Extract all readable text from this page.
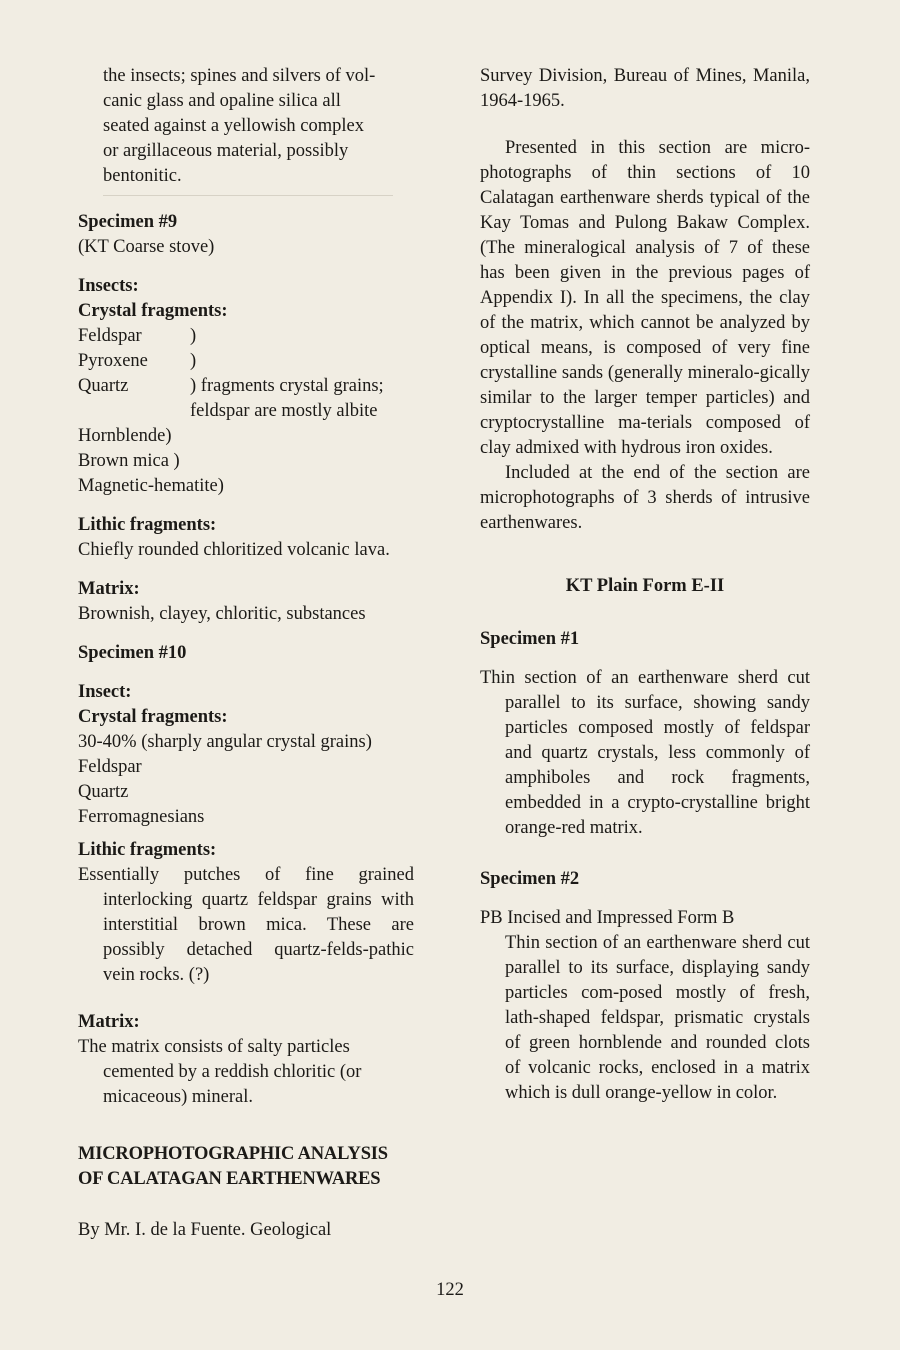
the insects; spines and silvers of vol-
canic glass and opaline silica all
seated against a yellowish complex
or argillaceous material, possibly
bentonitic.
Specimen #9
(KT Coarse stove)
Insects:
Crystal fragments:
Feldspar	)
Pyroxene	)
Quartz	) fragments crystal grains;
feldspar are mostly albite
Hornblende)
Brown mica )
Magnetic-hematite)
Lithic fragments:
Chiefly rounded chloritized volcanic lava.
Matrix:
Brownish, clayey, chloritic, substances
Specimen #10
Insect:
Crystal fragments:
30-40% (sharply angular crystal grains)
Feldspar
Quartz
Ferromagnesians
Lithic fragments:
Essentially putches of fine grained interlocking quartz feldspar grains with interstitial brown mica. These are possibly detached quartz-felds-pathic vein rocks. (?)
Matrix:
The matrix consists of salty particles cemented by a reddish chloritic (or micaceous) mineral.
MICROPHOTOGRAPHIC ANALYSIS
OF CALATAGAN EARTHENWARES
By Mr. I. de la Fuente. Geological
Survey Division, Bureau of Mines, Manila, 1964-1965.
Presented in this section are micro-photographs of thin sections of 10 Calatagan earthenware sherds typical of the Kay Tomas and Pulong Bakaw Complex. (The mineralogical analysis of 7 of these has been given in the previous pages of Appendix I). In all the specimens, the clay of the matrix, which cannot be analyzed by optical means, is composed of very fine crystalline sands (generally mineralo-gically similar to the larger temper particles) and cryptocrystalline ma-terials composed of clay admixed with hydrous iron oxides.
Included at the end of the section are microphotographs of 3 sherds of intrusive earthenwares.
KT Plain Form E-II
Specimen #1
Thin section of an earthenware sherd cut parallel to its surface, showing sandy particles composed mostly of feldspar and quartz crystals, less commonly of amphiboles and rock fragments, embedded in a crypto-crystalline bright orange-red matrix.
Specimen #2
PB Incised and Impressed Form B
Thin section of an earthenware sherd cut parallel to its surface, displaying sandy particles com-posed mostly of fresh, lath-shaped feldspar, prismatic crystals of green hornblende and rounded clots of volcanic rocks, enclosed in a matrix which is dull orange-yellow in color.
122
